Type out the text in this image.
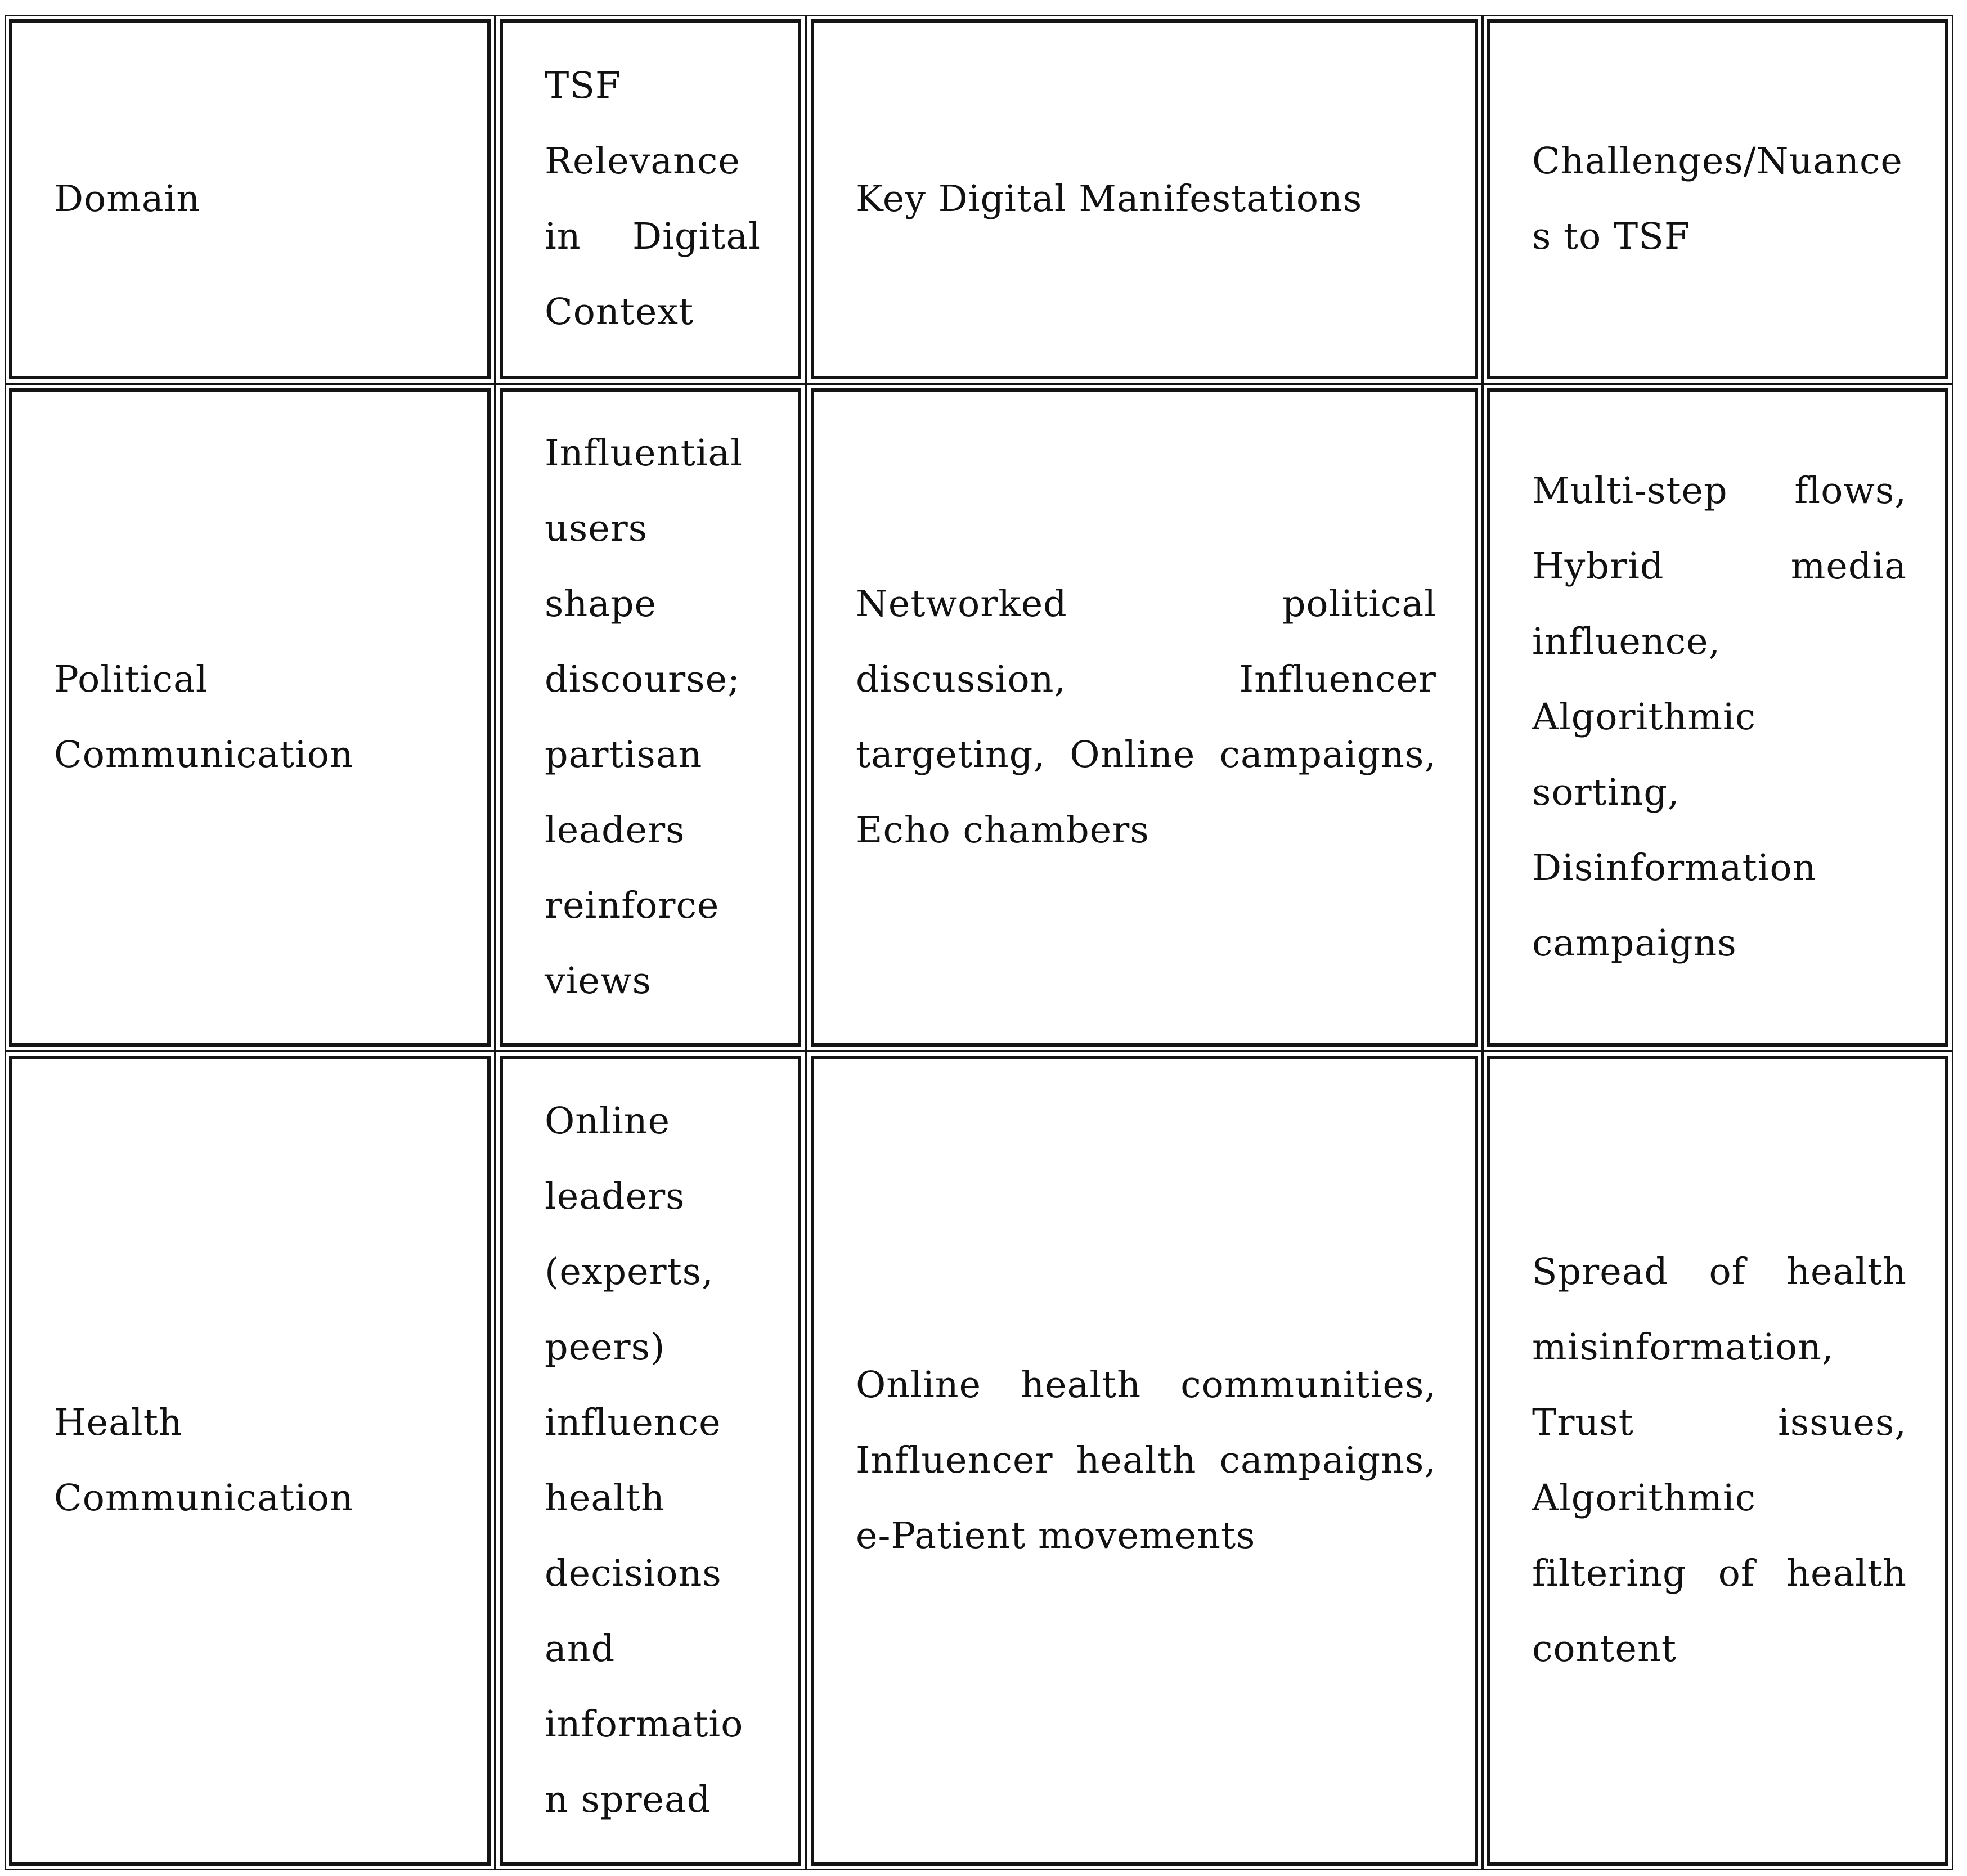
Domain
TSF Relevance in Digital Context
Key Digital Manifestations
Challenges/Nuances to TSF
Political Communication
Influential users shape discourse; partisan leaders reinforce views
Networked political discussion, Influencer targeting, Online campaigns, Echo chambers
Multi-step flows, Hybrid media influence, Algorithmic sorting, Disinformation campaigns
Health Communication
Online leaders (experts, peers) influence health decisions and information spread
Online health communities, Influencer health campaigns, e-Patient movements
Spread of health misinformation, Trust issues, Algorithmic filtering of health content
